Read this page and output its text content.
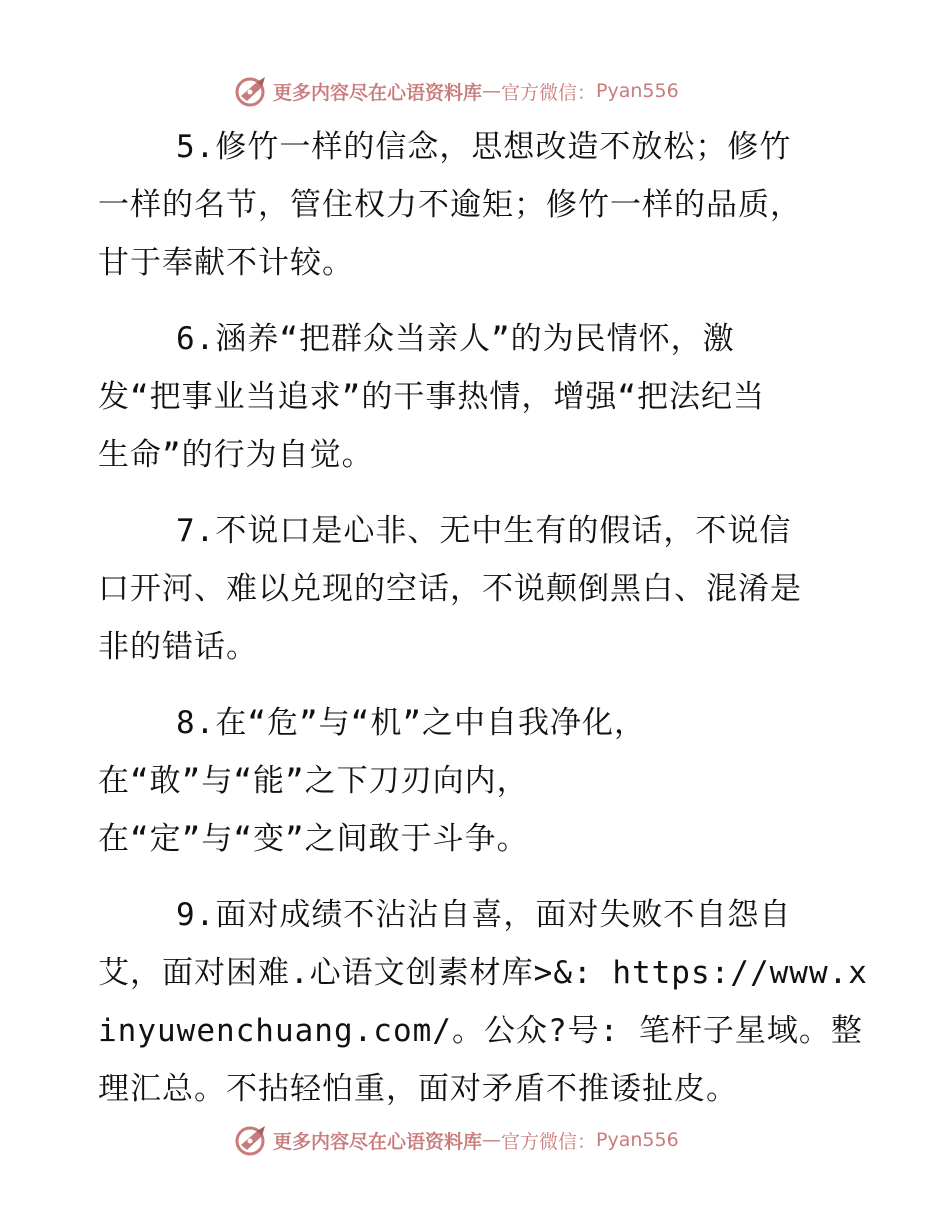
更多内容尽在心语资料库 — 官方微信： Pyan556
5.修竹一样的信念，思想改造不放松；修竹
一样的名节，管住权力不逾矩；修竹一样的品质，
甘于奉献不计较。
6.涵养“把群众当亲人”的为民情怀，激
发“把事业当追求”的干事热情，增强“把法纪当
生命”的行为自觉。
7.不说口是心非、无中生有的假话，不说信
口开河、难以兑现的空话，不说颠倒黑白、混淆是
非的错话。
8.在“危”与“机”之中自我净化，
在“敢”与“能”之下刀刃向内，
在“定”与“变”之间敢于斗争。
9.面对成绩不沾沾自喜，面对失败不自怨自
艾，面对困难.心语文创素材库>&: https://www.x
inyuwenchuang.com/。公众?号: 笔杆子星域。整
理汇总。不拈轻怕重，面对矛盾不推诿扯皮。
更多内容尽在心语资料库 — 官方微信： Pyan556
